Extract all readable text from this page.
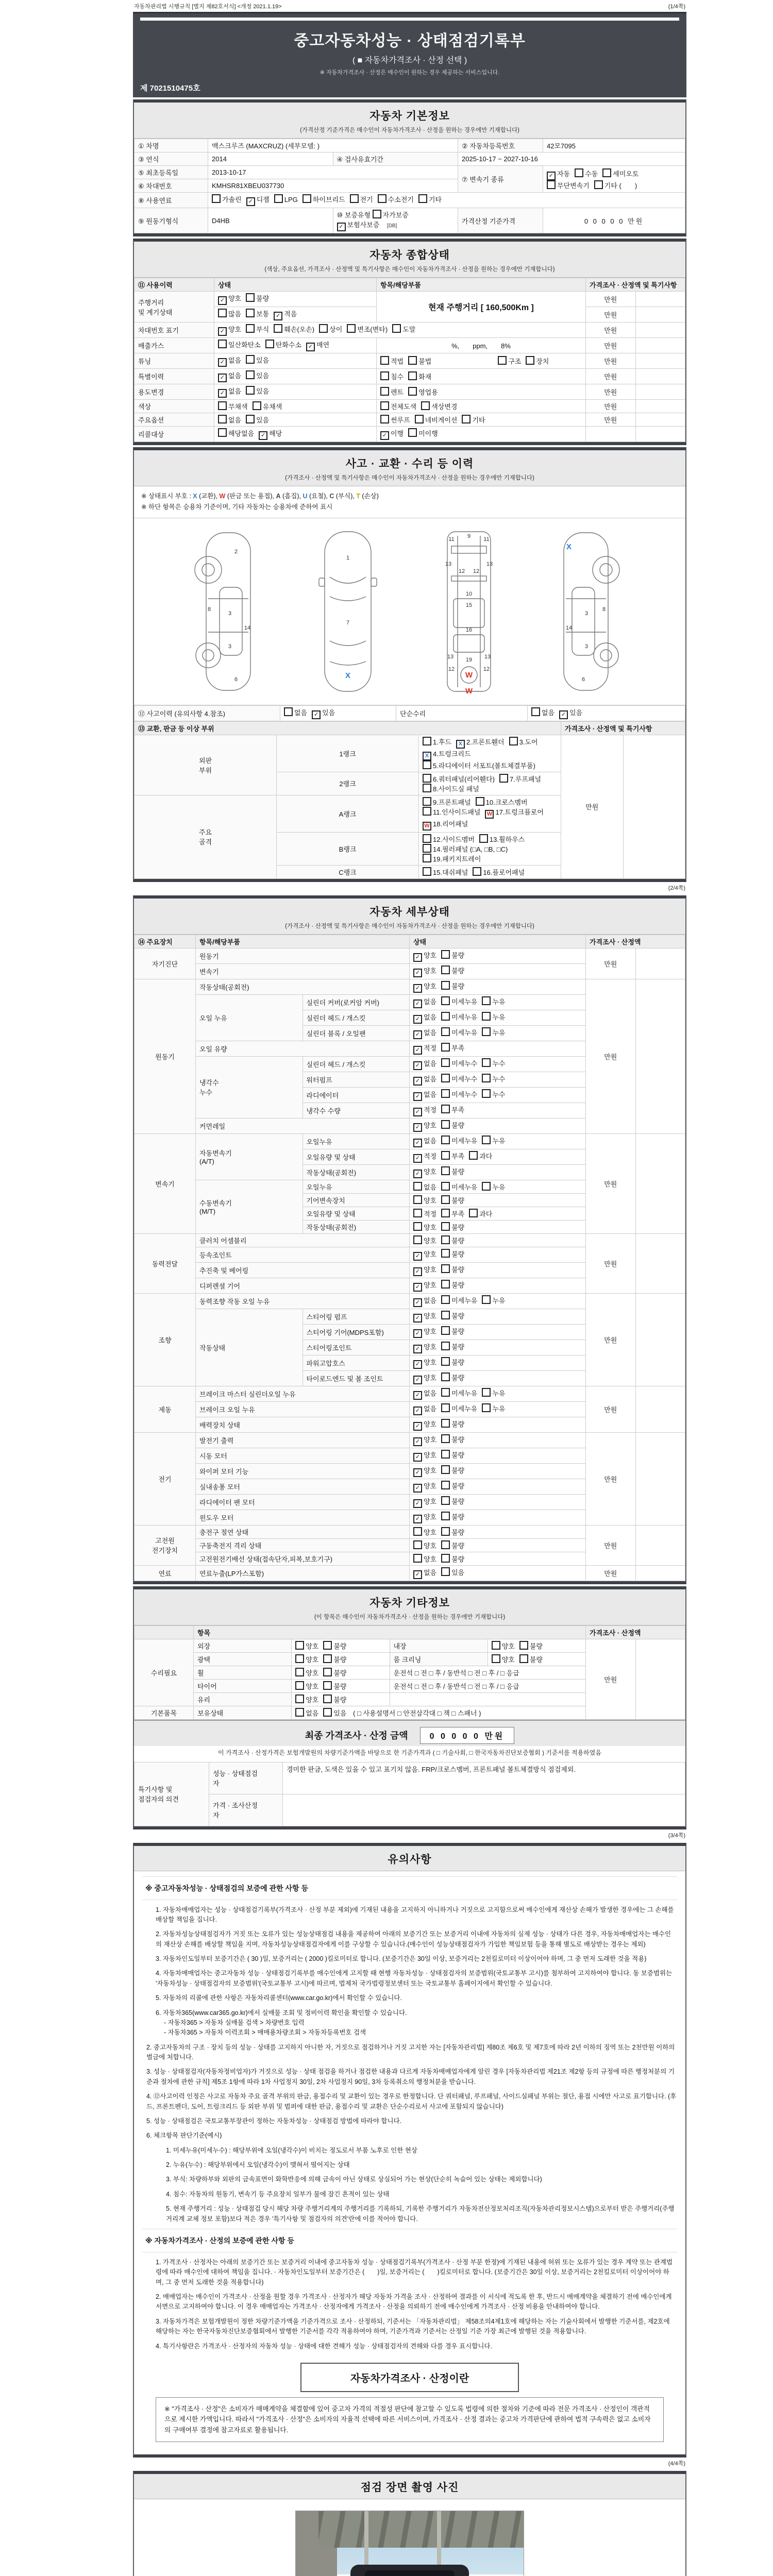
자동차관리법 시행규칙 [별지 제82호서식] <개정 2021.1.19>	(1/4쪽)
중고자동차성능 · 상태점검기록부
( ■ 자동차가격조사 · 산정 선택 )
※ 자동차가격조사 · 산정은 매수인이 원하는 경우 제공하는 서비스입니다.
제 7021510475호
자동차 기본정보
(가격산정 기준가격은 매수인이 자동차가격조사 · 산정을 원하는 경우에만 기재합니다)
① 차명	맥스크루즈 (MAXCRUZ) (세부모델: )		② 자동차등록번호	42모7095
③ 연식	2014	④ 검사유효기간	2025-10-17 ~ 2027-10-16	
⑤ 최초등록일	2013-10-17		⑦ 변속기 종류	✓ 자동 수동 세미오토
무단변속기 기타 (　　)

⑥ 차대번호	KMHSR81XBEU037730			
⑧ 사용연료	가솔린 ✓ 디젤 LPG 하이브리드 전기 수소전기 기타			
⑨ 원동기형식	D4HB	⑩ 보증유형 자가보증✓ 보험사보증 [DB]	가격산정 기준가격	0 0 0 0 0 만원
자동차 종합상태
(색상, 주요옵션, 가격조사 · 산정액 및 특기사항은 매수인이 자동차가격조사 · 산정을 원하는 경우에만 기재합니다)
⑪ 사용이력	상태	항목/해당부품	가격조사 · 산정액 및 특기사항	
주행거리
및 계기상태	✓ 양호 불량	현재 주행거리 [ 160,500Km ]	만원	
	많음 보통 ✓ 적음		만원	
차대번호 표기	✓ 양호 부식 훼손(오손) 상이 변조(변타) 도말		만원	
배출가스	일산화탄소 탄화수소 ✓ 매연	%,　　ppm,　　8%	만원	
튜닝	✓ 없음 있음	적법 불법 구조 장치	만원	
특별이력	✓ 없음 있음	침수 화재	만원	
용도변경	✓ 없음 있음	렌트 영업용	만원	
색상	무채색 유채색	전체도색 색상변경	만원	
주요옵션	없음 있음	썬루프 네비게이션 기타	만원	
리콜대상	해당없음 ✓ 해당	✓ 이행 미이행		
사고 · 교환 · 수리 등 이력
(가격조사 · 산정액 및 특기사항은 매수인이 자동차가격조사 · 산정을 원하는 경우에만 기재합니다)
※ 상태표시 부호 : X (교환), W (판금 또는 용접), A (흠집), U (요철), C (부식), T (손상)
※ 하단 항목은 승용차 기준이며, 기타 자동차는 승용차에 준하여 표시
2
8
3
14
3
6
1
7
X
11 9 11
13
12 12
13
10
15
16
13 19 13
12	12
W
W
3
8
14
3
6
X
⑫ 사고이력 (유의사항 4.참조)	없음 ✓ 있음	단순수리	없음 ✓ 있음
⑬ 교환, 판금 등 이상 부위			가격조사 · 산정액 및 특기사항	
외판
부위	1랭크	1.후드 X 2.프론트휀더 3.도어X 4.트렁크리드5.라디에이터 서포트(볼트체결부품)	만원	
	2랭크	6.쿼터패널(리어휀다) 7.루프패널8.사이드실 패널		
주요
골격	A랭크	9.프론트패널 10.크로스멤버11.인사이드패널 W 17.트렁크플로어W 18.리어패널		
	B랭크	12.사이드멤버 13.휠하우스14.필러패널 (□A, □B, □C)19.패키지트레이		
	C랭크	15.대쉬패널 16.플로어패널		
(2/4쪽)
자동차 세부상태
(가격조사 · 산정액 및 특기사항은 매수인이 자동차가격조사 · 산정을 원하는 경우에만 기재합니다)
⑭ 주요장치	항목/해당부품		상태	가격조사 · 산정액	
자기진단	원동기		✓ 양호 불량	만원	
	변속기		✓ 양호 불량		
원동기	작동상태(공회전)		✓ 양호 불량	만원	
	오일 누유	실린더 커버(로커암 커버)	✓ 없음 미세누유 누유		
		실린더 헤드 / 개스킷	✓ 없음 미세누유 누유		
		실린더 블록 / 오일팬	✓ 없음 미세누유 누유		
	오일 유량		✓ 적정 부족		
	냉각수
누수	실린더 헤드 / 개스킷	✓ 없음 미세누수 누수		
		워터펌프	✓ 없음 미세누수 누수		
		라디에이터	✓ 없음 미세누수 누수		
		냉각수 수량	✓ 적정 부족		
	커먼레일		✓ 양호 불량		
변속기	자동변속기
(A/T)	오일누유	✓ 없음 미세누유 누유	만원	
		오일유량 및 상태	✓ 적정 부족 과다		
		작동상태(공회전)	✓ 양호 불량		
	수동변속기
(M/T)	오일누유	없음 미세누유 누유		
		기어변속장치	양호 불량		
		오일유량 및 상태	적정 부족 과다		
		작동상태(공회전)	양호 불량		
동력전달	클러치 어셈블리		양호 불량	만원	
	등속조인트		✓ 양호 불량		
	추진축 및 베어링		✓ 양호 불량		
	디퍼렌셜 기어		✓ 양호 불량		
조향	동력조향 작동 오일 누유		✓ 없음 미세누유 누유	만원	
	작동상태	스티어링 펌프	✓ 양호 불량		
		스티어링 기어(MDPS포함)	✓ 양호 불량		
		스티어링조인트	✓ 양호 불량		
		파워고압호스	✓ 양호 불량		
		타이로드엔드 및 볼 조인트	✓ 양호 불량		
제동	브레이크 마스터 실린더오일 누유		✓ 없음 미세누유 누유	만원	
	브레이크 오일 누유		✓ 없음 미세누유 누유		
	배력장치 상태		✓ 양호 불량		
전기	발전기 출력		✓ 양호 불량	만원	
	시동 모터		✓ 양호 불량		
	와이퍼 모터 기능		✓ 양호 불량		
	실내송풍 모터		✓ 양호 불량		
	라디에이터 팬 모터		✓ 양호 불량		
	윈도우 모터		✓ 양호 불량		
고전원
전기장치	충전구 절연 상태		양호 불량	만원	
	구동축전지 격리 상태		양호 불량		
	고전원전기배선 상태(접속단자,피복,보호기구)		양호 불량		
연료	연료누출(LP가스포함)		✓ 없음 있음	만원	
자동차 기타정보
(이 항목은 매수인이 자동차가격조사 · 산정을 원하는 경우에만 기재합니다)
	항목				가격조사 · 산정액	
수리필요	외장	양호 불량	내장	양호 불량	만원	
	광택	양호 불량	룸 크리닝	양호 불량		
	휠	양호 불량	운전석 □ 전 □ 후 / 동반석 □ 전 □ 후 / □ 응급			
	타이어	양호 불량	운전석 □ 전 □ 후 / 동반석 □ 전 □ 후 / □ 응급			
	유리	양호 불량				
기본품목	보유상태	없음 있음 ( □ 사용설명서 □ 안전삼각대 □ 잭 □ 스패너 )				
최종 가격조사 · 산정 금액	0 0 0 0 0 만원
이 가격조사 · 산정가격은 보험개발원의 차량기준가액을 바탕으로 한 기준가격과 ( □ 기술사회, □ 한국자동차진단보증협회 ) 기준서를 적용하였음
특기사항 및
점검자의 의견	성능 · 상태점검
자	경미한 판금, 도색은 있을 수 있고 표기치 않음. FRP/크로스멤버, 프론트패널 볼트체결방식 점검제외.
	가격 · 조사산정
자	
(3/4쪽)
유의사항
※ 중고자동차성능 · 상태점검의 보증에 관한 사항 등
1. 자동차매매업자는 성능 · 상태점검기록부(가격조사 · 산정 부분 제외)에 기재된 내용을 고지하지 아니하거나 거짓으로 고지함으로써 매수인에게 재산상 손해가 발생한 경우에는 그 손해를 배상할 책임을 집니다.
2. 자동차성능상태점검자가 거짓 또는 오류가 있는 성능상태점검 내용을 제공하여 아래의 보증기간 또는 보증거리 이내에 자동차의 실제 성능 · 상태가 다른 경우, 자동차매매업자는 매수인의 재산상 손해를 배상할 책임을 지며, 자동차성능상태점검자에게 이를 구상할 수 있습니다.(매수인이 성능상태점검자가 가입한 책임보험 등을 통해 별도로 배상받는 경우는 제외)
3. 자동차인도일부터 보증기간은 ( 30 )일, 보증거리는 ( 2000 )킬로미터로 합니다. (보증기간은 30일 이상, 보증거리는 2천킬로미터 이상이어야 하며, 그 중 먼저 도래한 것을 적용)
4. 자동차매매업자는 중고자동차 성능 · 상태점검기록부를 매수인에게 고지할 때 현행 자동차성능 · 상태점검자의 보증범위(국토교통부 고시)를 첨부하여 고지하여야 합니다. 동 보증범위는 '자동차성능 · 상태점검자의 보증범위'(국토교통부 고시)에 따르며, 법제처 국가법령정보센터 또는 국토교통부 홈페이지에서 확인할 수 있습니다.
5. 자동차의 리콜에 관한 사항은 자동차리콜센터(www.car.go.kr)에서 확인할 수 있습니다.
6. 자동차365(www.car365.go.kr)에서 실매물 조회 및 정비이력 확인을 확인할 수 있습니다.
- 자동차365 > 자동차 실매물 검색 > 차량번호 입력
- 자동차365 > 자동차 이력조회 > 매매용차량조회 > 자동차등록번호 검색
2. 중고자동차의 구조 · 장치 등의 성능 · 상태를 고지하지 아니한 자, 거짓으로 점검하거나 거짓 고지한 자는 [자동차관리법] 제80조 제6호 및 제7호에 따라 2년 이하의 징역 또는 2천만원 이하의 벌금에 처합니다.
3. 성능 · 상태점검자(자동차정비업자)가 거짓으로 성능 · 상태 점검을 하거나 점검한 내용과 다르게 자동차매매업자에게 알린 경우 [자동차관리법 제21조 제2항 등의 규정에 따른 행정처분의 기준과 절차에 관한 규칙] 제5조 1항에 따라 1차 사업정지 30일, 2차 사업정지 90일, 3차 등록취소의 행정처분을 받습니다.
4. ⑫사고이력 인정은 사고로 자동차 주요 골격 부위의 판금, 용접수리 및 교환이 있는 경우로 한정합니다. 단 쿼터패널, 루프패널, 사이드실패널 부위는 절단, 용접 시에만 사고로 표기합니다. (후드, 프론트펜더, 도어, 트렁크리드 등 외판 부위 및 범퍼에 대한 판금, 용접수리 및 교환은 단순수리로서 사고에 포함되지 않습니다)
5. 성능 · 상태점검은 국토교통부장관이 정하는 자동차성능 · 상태점검 방법에 따라야 합니다.
6. 체크항목 판단기준(예시)
1. 미세누유(미세누수) : 해당부위에 오일(냉각수)이 비치는 정도로서 부품 노후로 인한 현상
2. 누유(누수) : 해당부위에서 오일(냉각수)이 맺혀서 떨어지는 상태
3. 부식: 차량하부와 외판의 금속표면이 화학반응에 의해 금속이 아닌 상태로 상실되어 가는 현상(단순히 녹슬어 있는 상태는 제외합니다)
4. 침수: 자동차의 원동기, 변속기 등 주요장치 일부가 물에 잠긴 흔적이 있는 상태
5. 현재 주행거리 : 성능 · 상태점검 당시 해당 차량 주행거리계의 주행거리를 기록하되, 기록한 주행거리가 자동차전산정보처리조직(자동차관리정보시스템)으로부터 받은 주행거리(주행거리계 교체 정보 포함)보다 적은 경우 '특기사항 및 점검자의 의견'란에 이를 적어야 합니다.
※ 자동차가격조사 · 산정의 보증에 관한 사항 등
1. 가격조사 · 산정자는 아래의 보증기간 또는 보증거리 이내에 중고자동차 성능 · 상태점검기록부(가격조사 · 산정 부분 한정)에 기재된 내용에 허위 또는 오류가 있는 경우 계약 또는 관계법령에 따라 매수인에 대하여 책임을 집니다. · 자동차인도일부터 보증기간은 (　　)일, 보증거리는 (　　)킬로미터로 합니다. (보증기간은 30일 이상, 보증거리는 2천킬로미터 이상이어야 하며, 그 중 먼저 도래한 것을 적용합니다)
2. 매매업자는 매수인이 가격조사 · 산정을 원할 경우 가격조사 · 산정자가 해당 자동차 가격을 조사 · 산정하여 결과를 이 서식에 적도록 한 후, 반드시 매매계약을 체결하기 전에 매수인에게 서면으로 고지하여야 합니다. 이 경우 매매업자는 가격조사 · 산정자에게 가격조사 · 산정을 의뢰하기 전에 매수인에게 가격조사 · 산정 비용을 안내하여야 합니다.
3. 자동차가격은 보험개발원이 정한 차량기준가액을 기준가격으로 조사 · 산정하되, 기준서는 「자동차관리법」 제58조의4제1호에 해당하는 자는 기술사회에서 발행한 기준서를, 제2호에 해당하는 자는 한국자동차진단보증협회에서 발행한 기준서를 각각 적용하여야 하며, 기준가격과 기준서는 산정일 기준 가장 최근에 발행된 것을 적용합니다.
4. 특기사항란은 가격조사 · 산정자의 자동차 성능 · 상태에 대한 견해가 성능 · 상태점검자의 견해와 다를 경우 표시합니다.
자동차가격조사 · 산정이란
※ "가격조사 · 산정"은 소비자가 매매계약을 체결함에 있어 중고차 가격의 적절성 판단에 참고할 수 있도록 법령에 의한 절차와 기준에 따라 전문 가격조사 · 산정인이 객관적으로 제시한 가액입니다. 따라서 "가격조사 · 산정"은 소비자의 자율적 선택에 따른 서비스이며, 가격조사 · 산정 결과는 중고차 가격판단에 관하여 법적 구속력은 없고 소비자의 구매여부 결정에 참고자료로 활용됩니다.
(4/4쪽)
점검 장면 촬영 사진
